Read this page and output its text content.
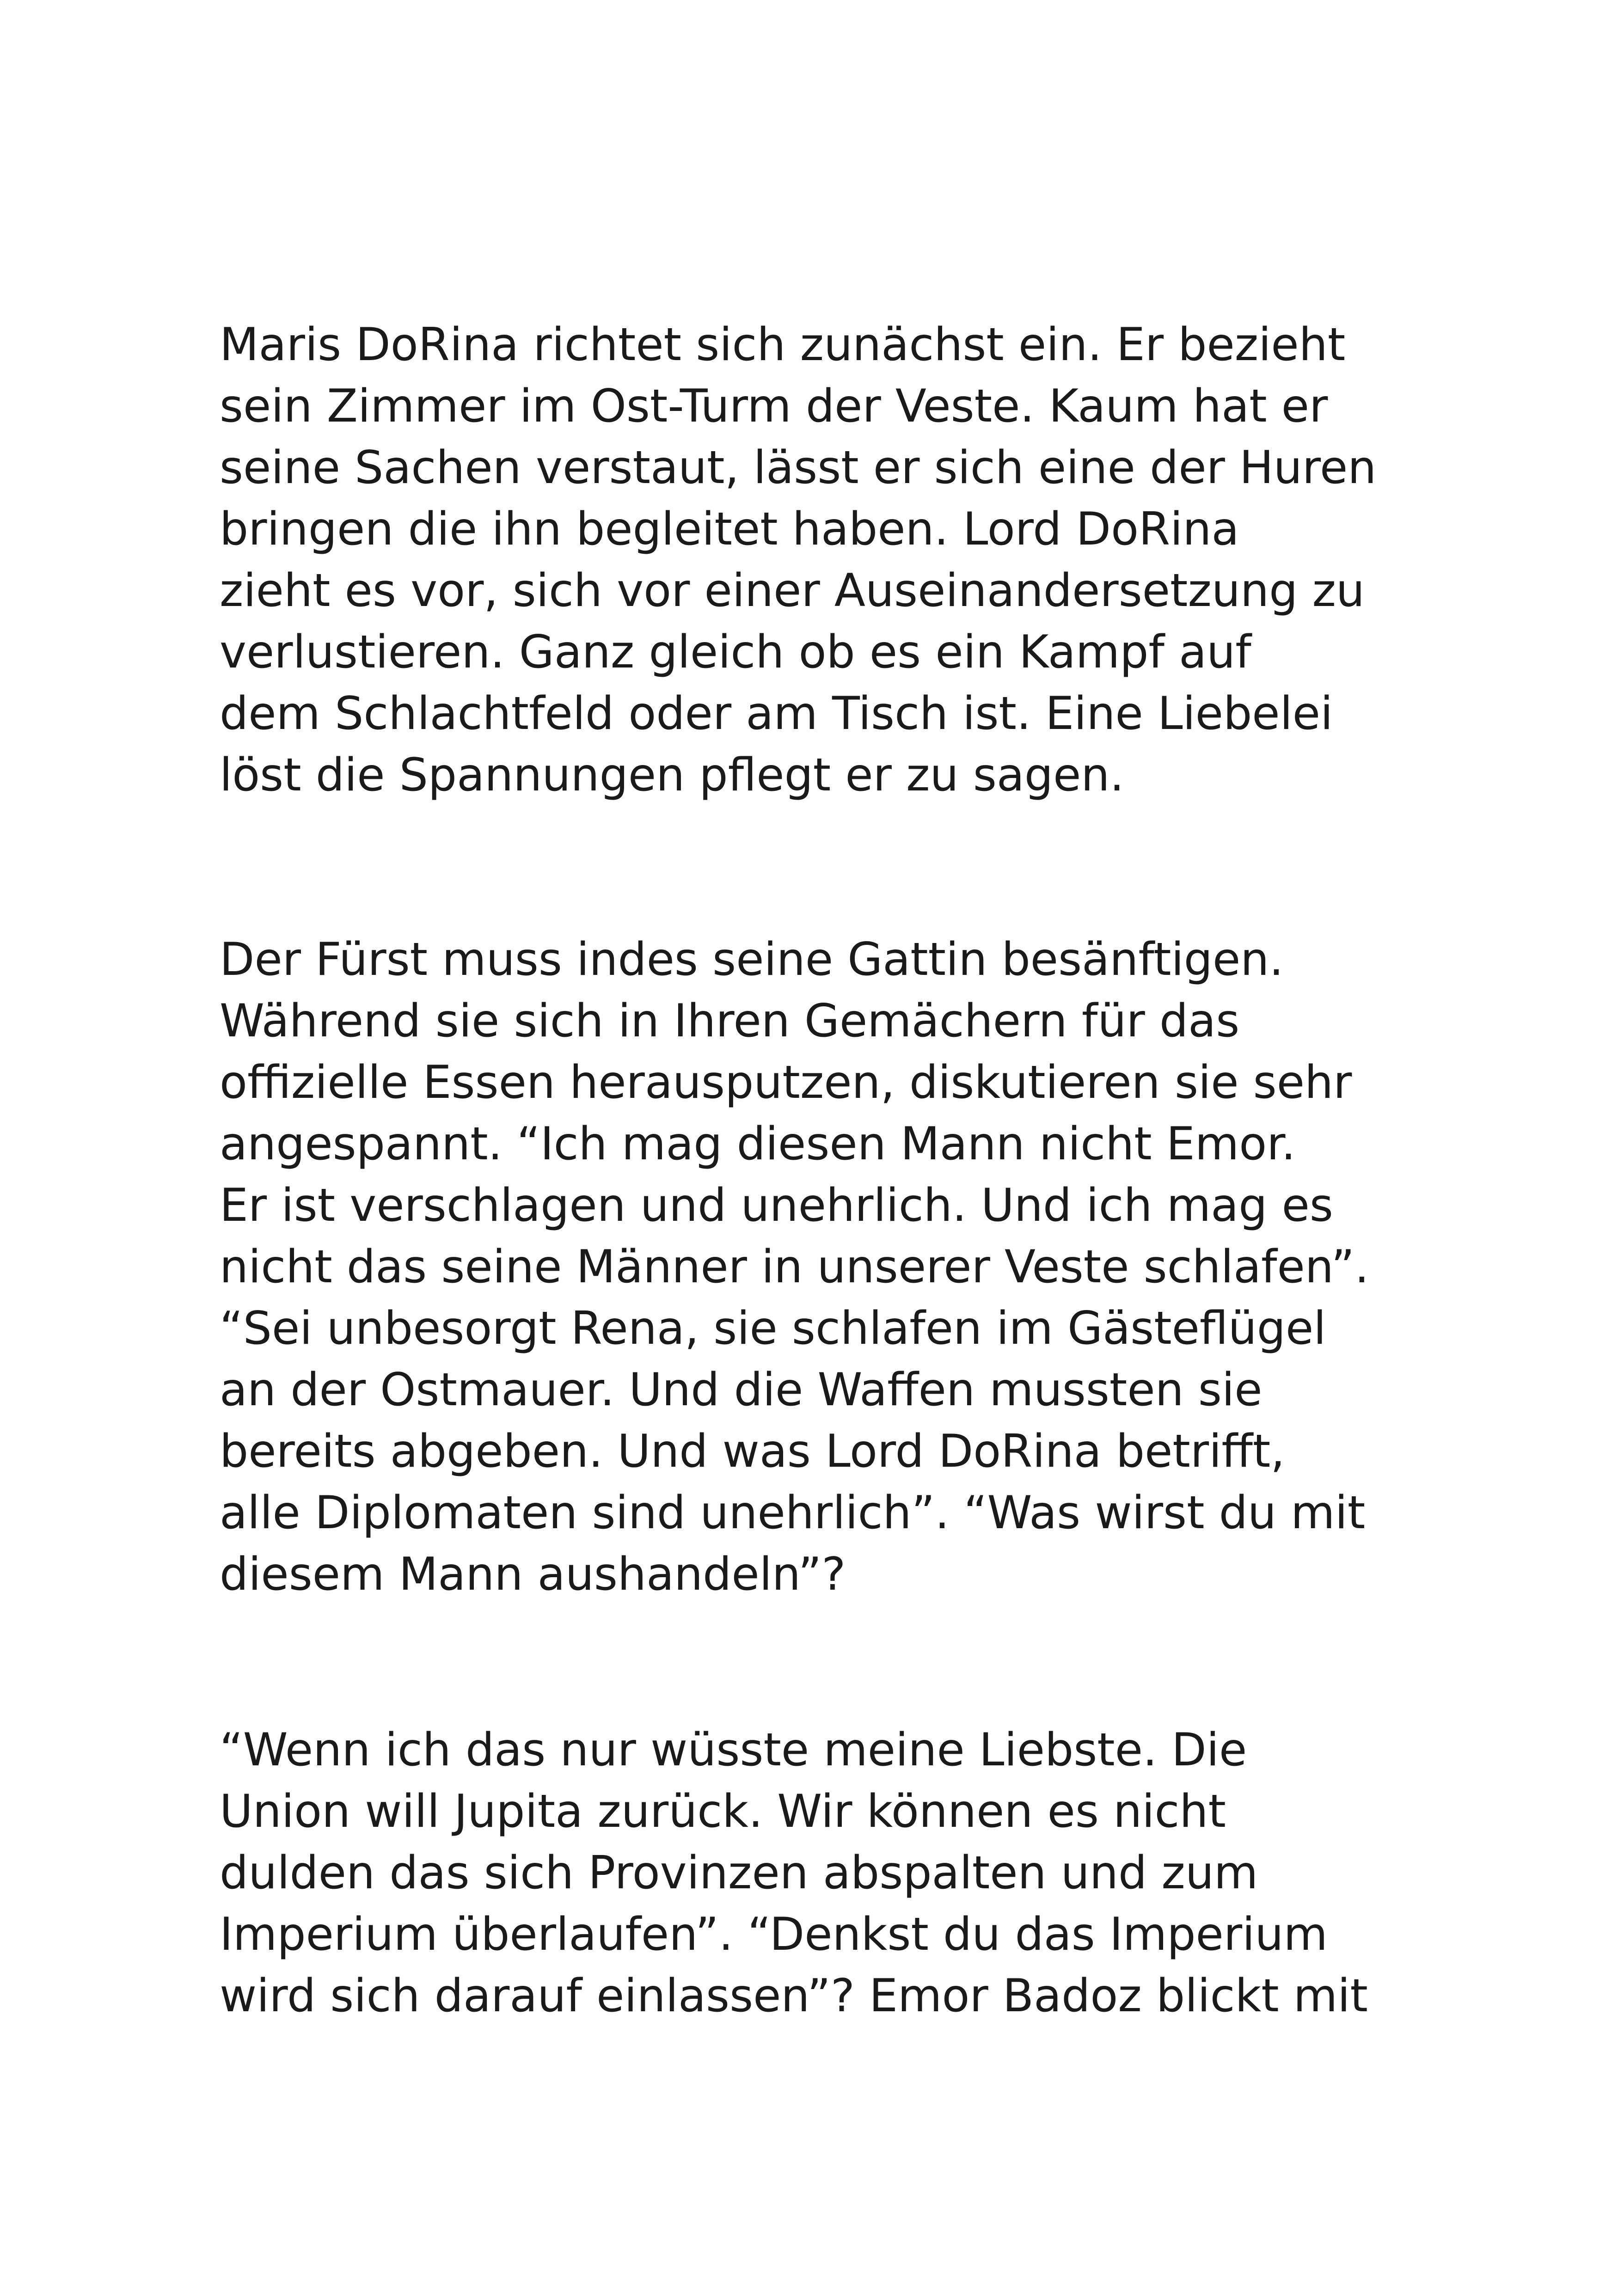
Maris DoRina richtet sich zunächst ein. Er bezieht
sein Zimmer im Ost-Turm der Veste. Kaum hat er
seine Sachen verstaut, lässt er sich eine der Huren
bringen die ihn begleitet haben. Lord DoRina
zieht es vor, sich vor einer Auseinandersetzung zu
verlustieren. Ganz gleich ob es ein Kampf auf
dem Schlachtfeld oder am Tisch ist. Eine Liebelei
löst die Spannungen pflegt er zu sagen.
Der Fürst muss indes seine Gattin besänftigen.
Während sie sich in Ihren Gemächern für das
offizielle Essen herausputzen, diskutieren sie sehr
angespannt. “Ich mag diesen Mann nicht Emor.
Er ist verschlagen und unehrlich. Und ich mag es
nicht das seine Männer in unserer Veste schlafen”.
“Sei unbesorgt Rena, sie schlafen im Gästeflügel
an der Ostmauer. Und die Waffen mussten sie
bereits abgeben. Und was Lord DoRina betrifft,
alle Diplomaten sind unehrlich”. “Was wirst du mit
diesem Mann aushandeln”?
“Wenn ich das nur wüsste meine Liebste. Die
Union will Jupita zurück. Wir können es nicht
dulden das sich Provinzen abspalten und zum
Imperium überlaufen”. “Denkst du das Imperium
wird sich darauf einlassen”? Emor Badoz blickt mit
